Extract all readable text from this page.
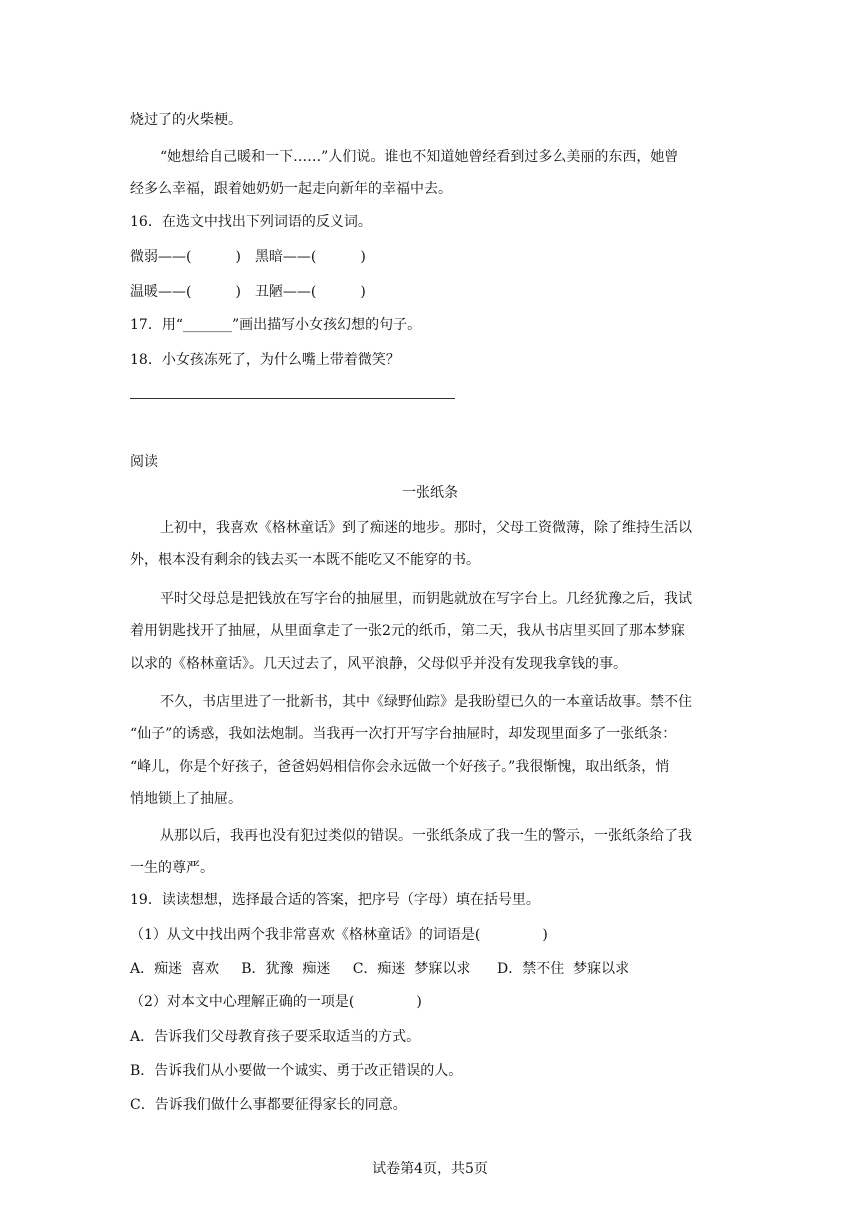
烧过了的火柴梗。
“她想给自己暖和一下……”人们说。谁也不知道她曾经看到过多么美丽的东西，她曾
经多么幸福，跟着她奶奶一起走向新年的幸福中去。
16．在选文中找出下列词语的反义词。
微弱——(	) 黑暗——(	)
温暖——(	) 丑陋——(	)
17．用“_______”画出描写小女孩幻想的句子。
18．小女孩冻死了，为什么嘴上带着微笑？
阅读
一张纸条
上初中，我喜欢《格林童话》到了痴迷的地步。那时，父母工资微薄，除了维持生活以
外，根本没有剩余的钱去买一本既不能吃又不能穿的书。
平时父母总是把钱放在写字台的抽屉里，而钥匙就放在写字台上。几经犹豫之后，我试
着用钥匙找开了抽屉，从里面拿走了一张2元的纸币，第二天，我从书店里买回了那本梦寐
以求的《格林童话》。几天过去了，风平浪静，父母似乎并没有发现我拿钱的事。
不久，书店里进了一批新书，其中《绿野仙踪》是我盼望已久的一本童话故事。禁不住
“仙子”的诱惑，我如法炮制。当我再一次打开写字台抽屉时，却发现里面多了一张纸条：
“峰儿，你是个好孩子，爸爸妈妈相信你会永远做一个好孩子。”我很惭愧，取出纸条，悄
悄地锁上了抽屉。
从那以后，我再也没有犯过类似的错误。一张纸条成了我一生的警示，一张纸条给了我
一生的尊严。
19．读读想想，选择最合适的答案，把序号（字母）填在括号里。
（1）从文中找出两个我非常喜欢《格林童话》的词语是(	)
A．痴迷  喜欢     B．犹豫  痴迷     C．痴迷  梦寐以求      D．禁不住  梦寐以求
（2）对本文中心理解正确的一项是(	)
A．告诉我们父母教育孩子要采取适当的方式。
B．告诉我们从小要做一个诚实、勇于改正错误的人。
C．告诉我们做什么事都要征得家长的同意。
试卷第4页，共5页
